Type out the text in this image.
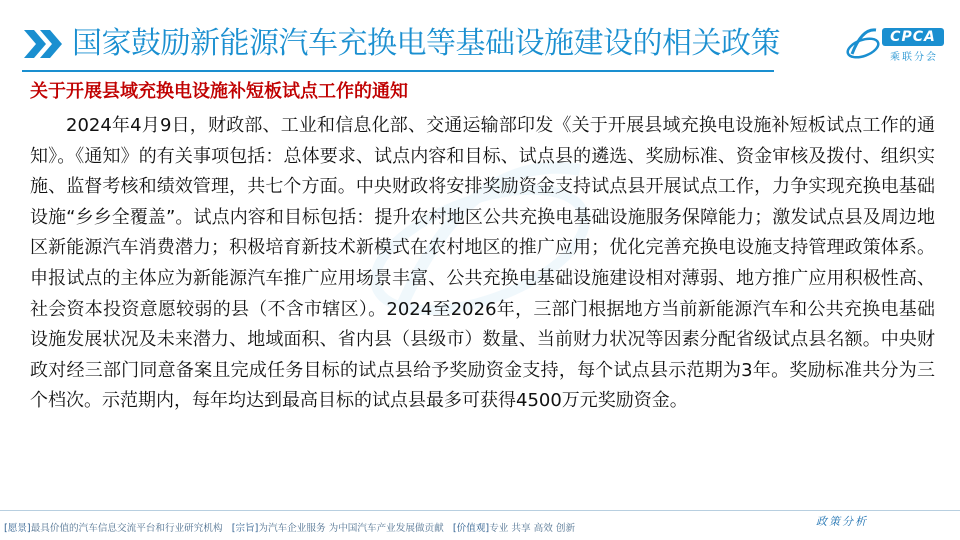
国家鼓励新能源汽车充换电等基础设施建设的相关政策	CPCA
乘联分会
关于开展县域充换电设施补短板试点工作的通知

2024年4月9日，财政部、工业和信息化部、交通运输部印发《关于开展县域充换电设施补短板试点工作的通知》。《通知》的有关事项包括：总体要求、试点内容和目标、试点县的遴选、奖励标准、资金审核及拨付、组织实施、监督考核和绩效管理，共七个方面。中央财政将安排奖励资金支持试点县开展试点工作，力争实现充换电基础设施“乡乡全覆盖”。试点内容和目标包括：提升农村地区公共充换电基础设施服务保障能力；激发试点县及周边地区新能源汽车消费潜力；积极培育新技术新模式在农村地区的推广应用；优化完善充换电设施支持管理政策体系。申报试点的主体应为新能源汽车推广应用场景丰富、公共充换电基础设施建设相对薄弱、地方推广应用积极性高、社会资本投资意愿较弱的县（不含市辖区）。2024至2026年，三部门根据地方当前新能源汽车和公共充换电基础设施发展状况及未来潜力、地域面积、省内县（县级市）数量、当前财力状况等因素分配省级试点县名额。中央财政对经三部门同意备案且完成任务目标的试点县给予奖励资金支持，每个试点县示范期为3年。奖励标准共分为三个档次。示范期内，每年均达到最高目标的试点县最多可获得4500万元奖励资金。

政策分析
[愿景]最具价值的汽车信息交流平台和行业研究机构 [宗旨]为汽车企业服务 为中国汽车产业发展做贡献 [价值观]专业 共享 高效 创新
